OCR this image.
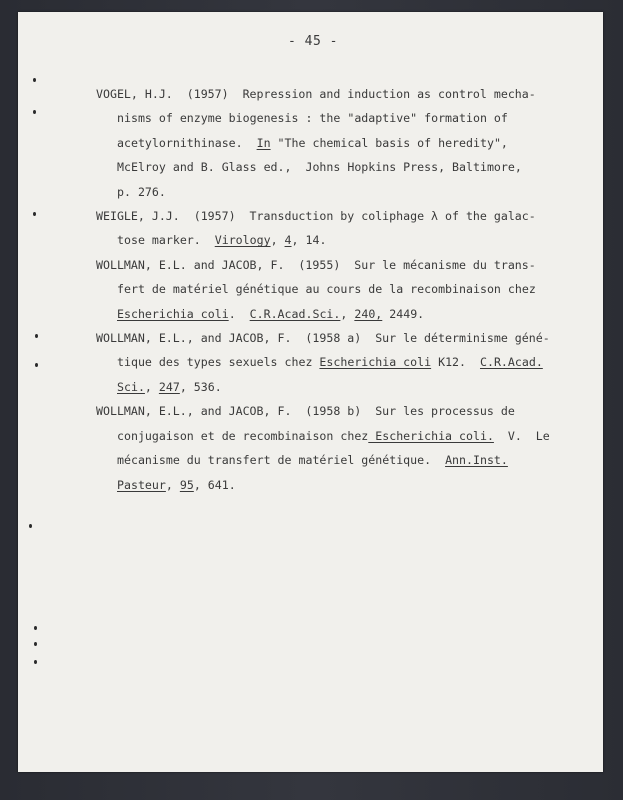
- 45 -
VOGEL, H.J.  (1957)  Repression and induction as control mecha-
nisms of enzyme biogenesis : the "adaptive" formation of
acetylornithinase.  In "The chemical basis of heredity",
McElroy and B. Glass ed.,  Johns Hopkins Press, Baltimore,
p. 276.
WEIGLE, J.J.  (1957)  Transduction by coliphage λ of the galac-
tose marker.  Virology, 4, 14.
WOLLMAN, E.L. and JACOB, F.  (1955)  Sur le mécanisme du trans-
fert de matériel génétique au cours de la recombinaison chez
Escherichia coli.  C.R.Acad.Sci., 240, 2449.
WOLLMAN, E.L., and JACOB, F.  (1958 a)  Sur le déterminisme géné-
tique des types sexuels chez Escherichia coli K12.  C.R.Acad.
Sci., 247, 536.
WOLLMAN, E.L., and JACOB, F.  (1958 b)  Sur les processus de
conjugaison et de recombinaison chez Escherichia coli.  V.  Le
mécanisme du transfert de matériel génétique.  Ann.Inst.
Pasteur, 95, 641.
